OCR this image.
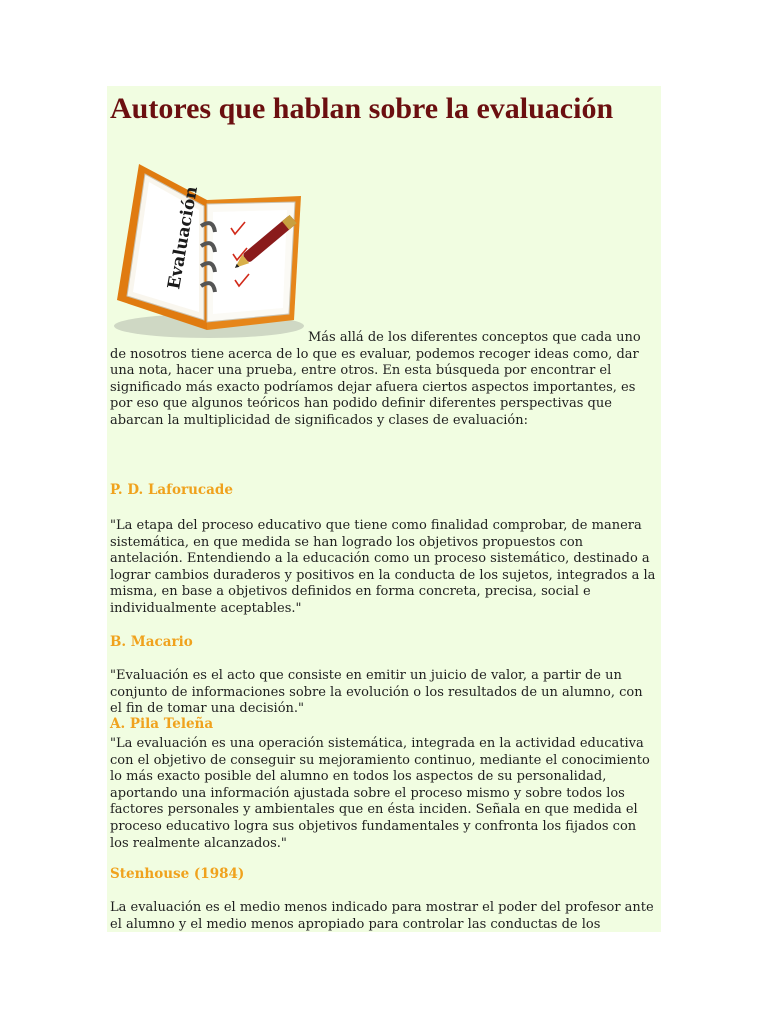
Autores que hablan sobre la evaluación
Evaluación

Más allá de los diferentes conceptos que cada uno de nosotros tiene acerca de lo que es evaluar, podemos recoger ideas como, dar una nota, hacer una prueba, entre otros. En esta búsqueda por encontrar el significado más exacto podríamos dejar afuera ciertos aspectos importantes, es por eso que algunos teóricos han podido definir diferentes perspectivas que abarcan la multiplicidad de significados y clases de evaluación:

P. D. Laforucade

"La etapa del proceso educativo que tiene como finalidad comprobar, de manera sistemática, en que medida se han logrado los objetivos propuestos con antelación. Entendiendo a la educación como un proceso sistemático, destinado a lograr cambios duraderos y positivos en la conducta de los sujetos, integrados a la misma, en base a objetivos definidos en forma concreta, precisa, social e individualmente aceptables."

B. Macario

"Evaluación es el acto que consiste en emitir un juicio de valor, a partir de un conjunto de informaciones sobre la evolución o los resultados de un alumno, con el fin de tomar una decisión."

A. Pila Teleña

"La evaluación es una operación sistemática, integrada en la actividad educativa con el objetivo de conseguir su mejoramiento continuo, mediante el conocimiento lo más exacto posible del alumno en todos los aspectos de su personalidad, aportando una información ajustada sobre el proceso mismo y sobre todos los factores personales y ambientales que en ésta inciden. Señala en que medida el proceso educativo logra sus objetivos fundamentales y confronta los fijados con los realmente alcanzados."

Stenhouse (1984)

La evaluación es el medio menos indicado para mostrar el poder del profesor ante el alumno y el medio menos apropiado para controlar las conductas de los
